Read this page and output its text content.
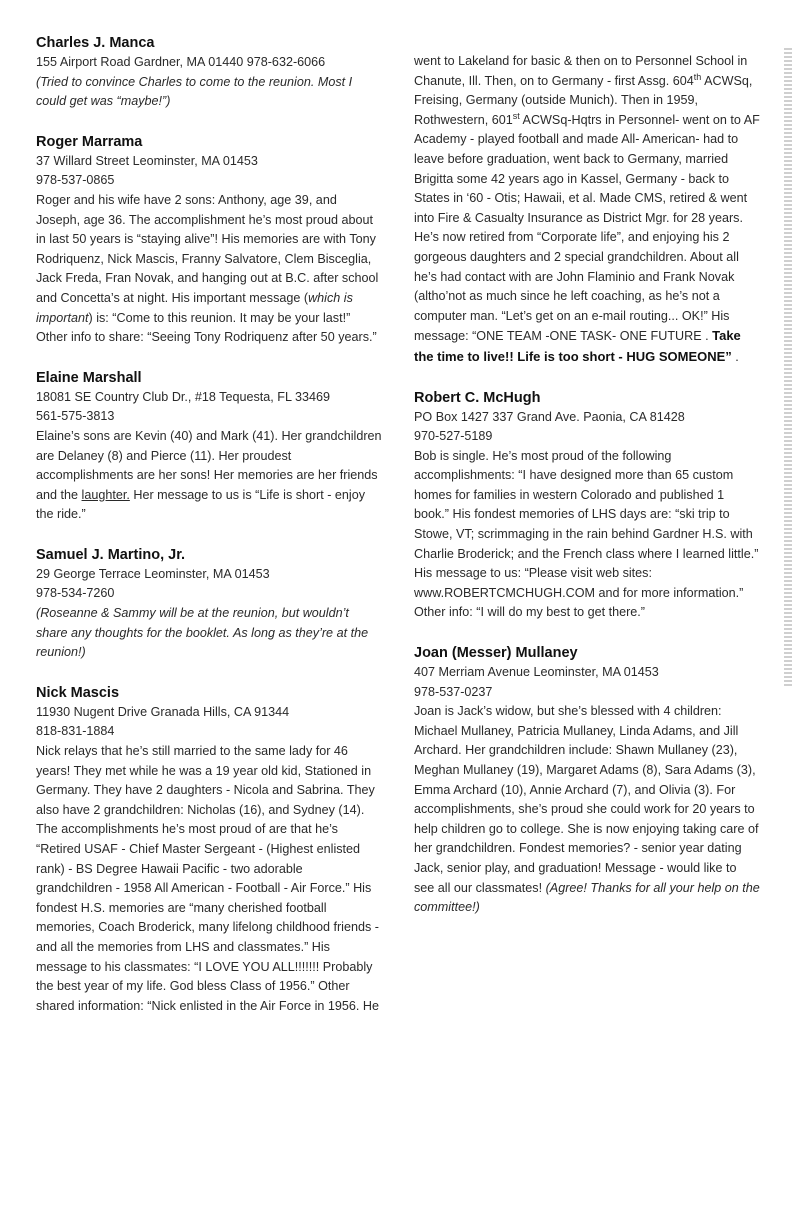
Charles J. Manca

155 Airport Road Gardner, MA 01440 978-632-6066

(Tried to convince Charles to come to the reunion. Most I could get was “maybe!”)

Roger Marrama

37 Willard Street Leominster, MA 01453

978-537-0865

Roger and his wife have 2 sons: Anthony, age 39, and Joseph, age 36. The accomplishment he’s most proud about in last 50 years is “staying alive”! His memories are with Tony Rodriquenz, Nick Mascis, Franny Salvatore, Clem Bisceglia, Jack Freda, Fran Novak, and hanging out at B.C. after school and Concetta’s at night. His important message (which is important) is: “Come to this reunion. It may be your last!” Other info to share: “Seeing Tony Rodriquenz after 50 years.”

Elaine Marshall

18081 SE Country Club Dr., #18 Tequesta, FL 33469

561-575-3813

Elaine’s sons are Kevin (40) and Mark (41). Her grandchildren are Delaney (8) and Pierce (11). Her proudest accomplishments are her sons! Her memories are her friends and the laughter. Her message to us is “Life is short - enjoy the ride.”

Samuel J. Martino, Jr.

29 George Terrace Leominster, MA 01453

978-534-7260

(Roseanne & Sammy will be at the reunion, but wouldn’t share any thoughts for the booklet. As long as they’re at the reunion!)

Nick Mascis

11930 Nugent Drive Granada Hills, CA 91344

818-831-1884

Nick relays that he’s still married to the same lady for 46 years! They met while he was a 19 year old kid, Stationed in Germany. They have 2 daughters - Nicola and Sabrina. They also have 2 grandchildren: Nicholas (16), and Sydney (14). The accomplishments he’s most proud of are that he’s “Retired USAF - Chief Master Sergeant - (Highest enlisted rank) - BS Degree Hawaii Pacific - two adorable grandchildren - 1958 All American - Football - Air Force.” His fondest H.S. memories are “many cherished football memories, Coach Broderick, many lifelong childhood friends - and all the memories from LHS and classmates.” His message to his classmates: “I LOVE YOU ALL!!!!!!! Probably the best year of my life. God bless Class of 1956.” Other shared information: “Nick enlisted in the Air Force in 1956. He

went to Lakeland for basic & then on to Personnel School in Chanute, Ill. Then, on to Germany - first Assg. 604th ACWSq, Freising, Germany (outside Munich). Then in 1959, Rothwestern, 601st ACWSq-Hqtrs in Personnel- went on to AF Academy - played football and made All- American- had to leave before graduation, went back to Germany, married Brigitta some 42 years ago in Kassel, Germany - back to States in ‘60 - Otis; Hawaii, et al. Made CMS, retired & went into Fire & Casualty Insurance as District Mgr. for 28 years. He’s now retired from “Corporate life”, and enjoying his 2 gorgeous daughters and 2 special grandchildren. About all he’s had contact with are John Flaminio and Frank Novak (altho’not as much since he left coaching, as he’s not a computer man. “Let’s get on an e-mail routing... OK!” His message: “ONE TEAM -ONE TASK- ONE FUTURE . Take the time to live!! Life is too short - HUG SOMEONE” .

Robert C. McHugh

PO Box 1427 337 Grand Ave. Paonia, CA 81428

970-527-5189

Bob is single. He’s most proud of the following accomplishments: “I have designed more than 65 custom homes for families in western Colorado and published 1 book.” His fondest memories of LHS days are: “ski trip to Stowe, VT; scrimmaging in the rain behind Gardner H.S. with Charlie Broderick; and the French class where I learned little.” His message to us: “Please visit web sites: www.ROBERTCMCHUGH.COM and for more information.” Other info: “I will do my best to get there.”

Joan (Messer) Mullaney

407 Merriam Avenue Leominster, MA 01453

978-537-0237

Joan is Jack’s widow, but she’s blessed with 4 children: Michael Mullaney, Patricia Mullaney, Linda Adams, and Jill Archard. Her grandchildren include: Shawn Mullaney (23), Meghan Mullaney (19), Margaret Adams (8), Sara Adams (3), Emma Archard (10), Annie Archard (7), and Olivia (3). For accomplishments, she’s proud she could work for 20 years to help children go to college. She is now enjoying taking care of her grandchildren. Fondest memories? - senior year dating Jack, senior play, and graduation! Message - would like to see all our classmates! (Agree! Thanks for all your help on the committee!)
